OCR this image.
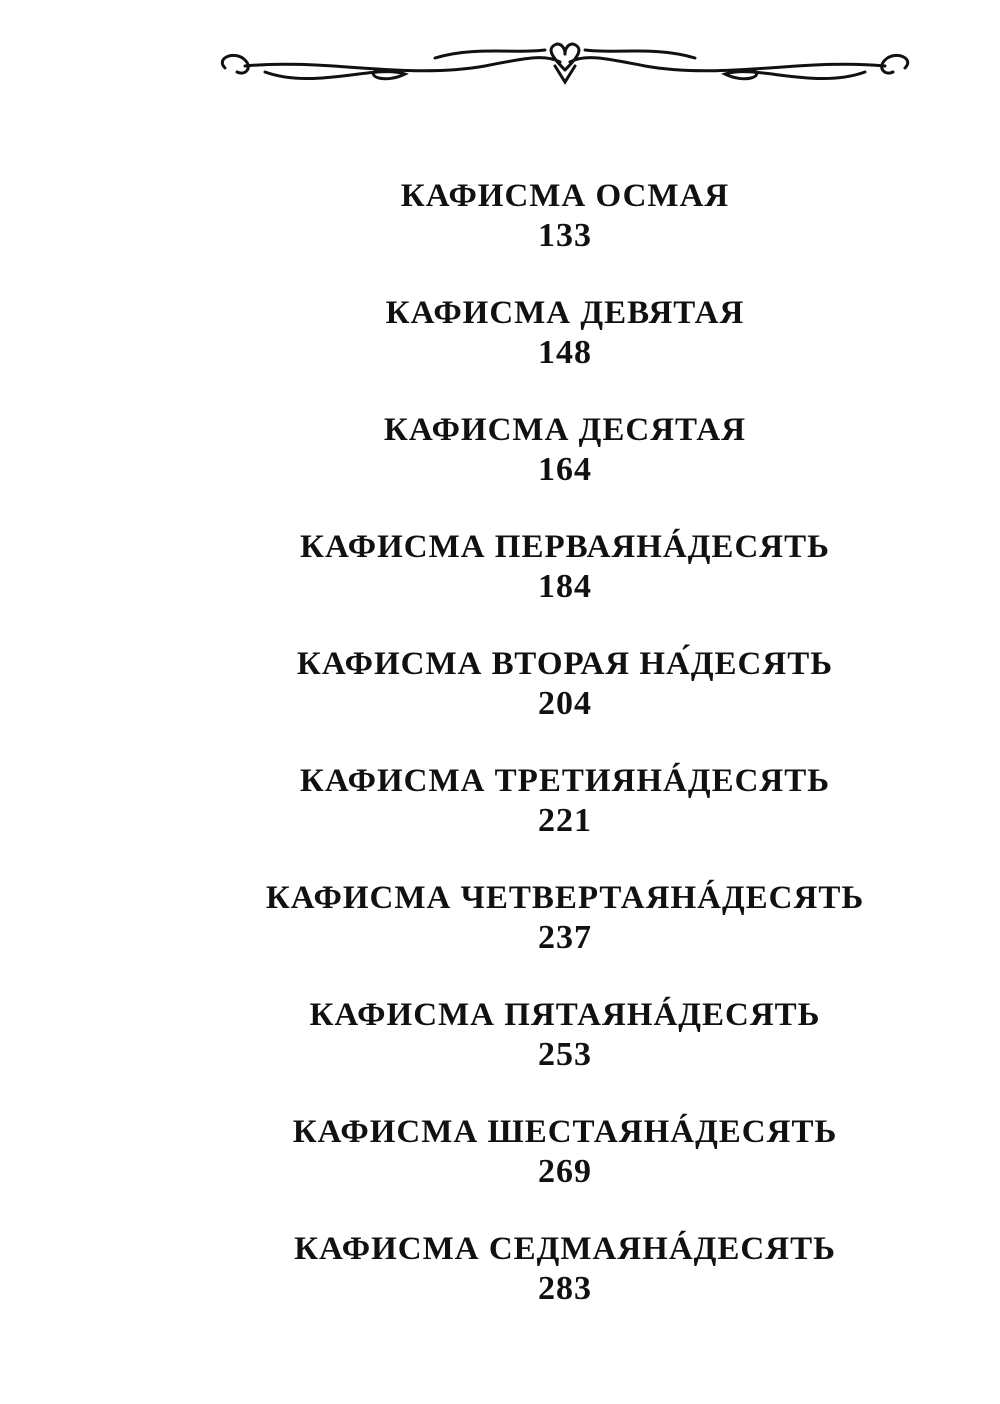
КАФИСМА ОСМАЯ
133
КАФИСМА ДЕВЯТАЯ
148
КАФИСМА ДЕСЯТАЯ
164
КАФИСМА ПЕРВАЯНÁДЕСЯТЬ
184
КАФИСМА ВТОРАЯ НА́ДЕСЯТЬ
204
КАФИСМА ТРЕТИЯНÁДЕСЯТЬ
221
КАФИСМА ЧЕТВЕРТАЯНÁДЕСЯТЬ
237
КАФИСМА ПЯТАЯНÁДЕСЯТЬ
253
КАФИСМА ШЕСТАЯНÁДЕСЯТЬ
269
КАФИСМА СЕДМАЯНÁДЕСЯТЬ
283
